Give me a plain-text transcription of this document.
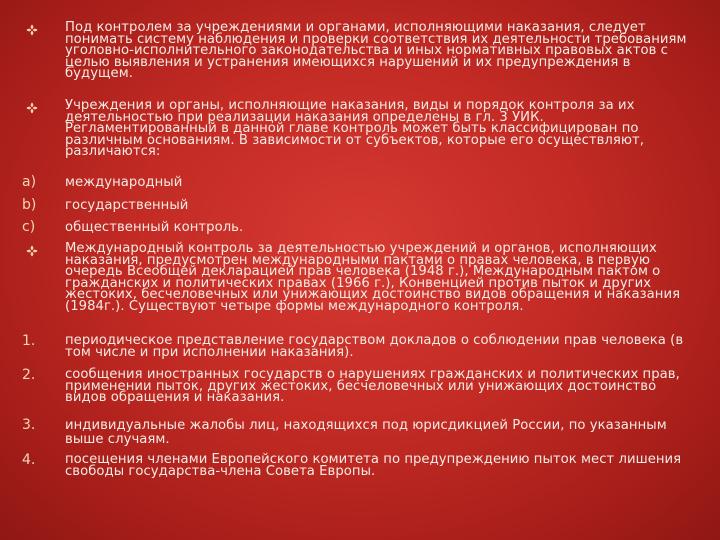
Под контролем за учреждениями и органами, исполняющими наказания, следует понимать систему наблюдения и проверки соответствия их деятельности требованиям уголовно-исполнительного законодательства и иных нормативных правовых актов с целью выявления и устранения имеющихся нарушений и их предупреждения в будущем.
Учреждения и органы, исполняющие наказания, виды и порядок контроля за их деятельностью при реализации наказания определены в гл. 3 УИК. Регламентированный в данной главе контроль может быть классифицирован по различным основаниям. В зависимости от субъектов, которые его осуществляют, различаются:
a) международный
b) государственный
c) общественный контроль.
Международный контроль за деятельностью учреждений и органов, исполняющих наказания, предусмотрен международными пактами о правах человека, в первую очередь Всеобщей декларацией прав человека (1948 г.), Международным пактом о гражданских и политических правах (1966 г.), Конвенцией против пыток и других жестоких, бесчеловечных или унижающих достоинство видов обращения и наказания (1984г.). Существуют четыре формы международного контроля.
1. периодическое представление государством докладов о соблюдении прав человека (в том числе и при исполнении наказания).
2. сообщения иностранных государств о нарушениях гражданских и политических прав, применении пыток, других жестоких, бесчеловечных или унижающих достоинство видов обращения и наказания.
3. индивидуальные жалобы лиц, находящихся под юрисдикцией России, по указанным выше случаям.
4. посещения членами Европейского комитета по предупреждению пыток мест лишения свободы государства-члена Совета Европы.
